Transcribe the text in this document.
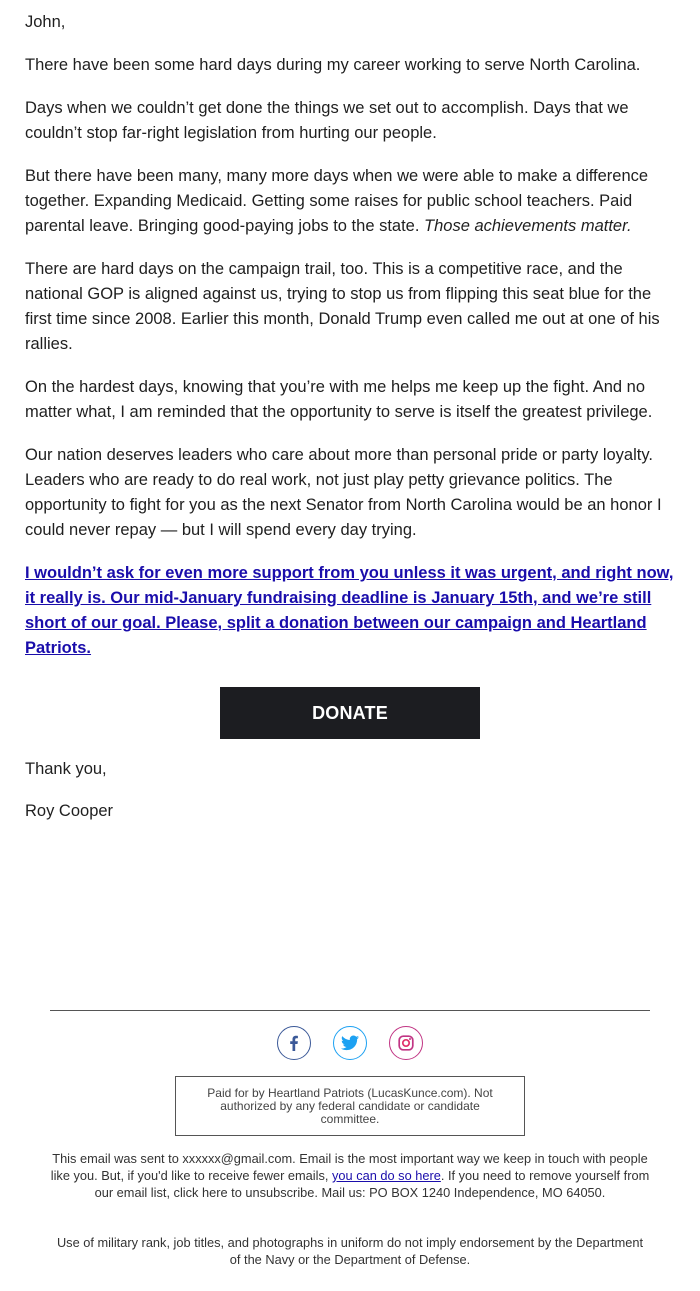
John,

There have been some hard days during my career working to serve North Carolina.

Days when we couldn’t get done the things we set out to accomplish. Days that we couldn’t stop far-right legislation from hurting our people.

But there have been many, many more days when we were able to make a difference together. Expanding Medicaid. Getting some raises for public school teachers. Paid parental leave. Bringing good-paying jobs to the state. Those achievements matter.

There are hard days on the campaign trail, too. This is a competitive race, and the national GOP is aligned against us, trying to stop us from flipping this seat blue for the first time since 2008. Earlier this month, Donald Trump even called me out at one of his rallies.

On the hardest days, knowing that you’re with me helps me keep up the fight. And no matter what, I am reminded that the opportunity to serve is itself the greatest privilege.

Our nation deserves leaders who care about more than personal pride or party loyalty. Leaders who are ready to do real work, not just play petty grievance politics. The opportunity to fight for you as the next Senator from North Carolina would be an honor I could never repay — but I will spend every day trying.

I wouldn’t ask for even more support from you unless it was urgent, and right now, it really is. Our mid-January fundraising deadline is January 15th, and we’re still short of our goal. Please, split a donation between our campaign and Heartland Patriots.

DONATE
Thank you,
Roy Cooper
Paid for by Heartland Patriots (LucasKunce.com). Not authorized by any federal candidate or candidate committee.
This email was sent to xxxxxx@gmail.com. Email is the most important way we keep in touch with people like you. But, if you'd like to receive fewer emails, you can do so here. If you need to remove yourself from our email list, click here to unsubscribe. Mail us: PO BOX 1240 Independence, MO 64050.
Use of military rank, job titles, and photographs in uniform do not imply endorsement by the Department of the Navy or the Department of Defense.
